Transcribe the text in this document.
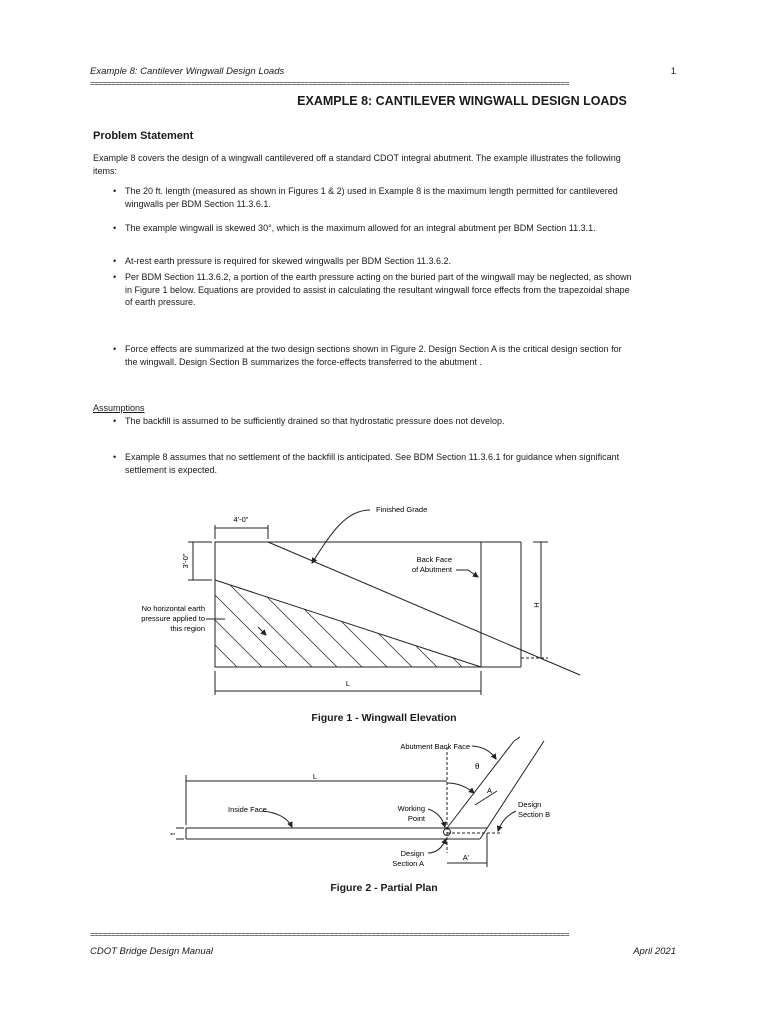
Example 8: Cantilever Wingwall Design Loads	1
==================================================================================================================
EXAMPLE 8: CANTILEVER WINGWALL DESIGN LOADS
Problem Statement
Example 8 covers the design of a wingwall cantilevered off a standard CDOT integral abutment. The example illustrates the following items:
• The 20 ft. length (measured as shown in Figures 1 & 2) used in Example 8 is the maximum length permitted for cantilevered wingwalls per BDM Section 11.3.6.1.
• The example wingwall is skewed 30°, which is the maximum allowed for an integral abutment per BDM Section 11.3.1.
• At-rest earth pressure is required for skewed wingwalls per BDM Section 11.3.6.2.
• Per BDM Section 11.3.6.2, a portion of the earth pressure acting on the buried part of the wingwall may be neglected, as shown in Figure 1 below. Equations are provided to assist in calculating the resultant wingwall force effects from the trapezoidal shape of earth pressure.
• Force effects are summarized at the two design sections shown in Figure 2. Design Section A is the critical design section for the wingwall. Design Section B summarizes the force-effects transferred to the abutment .
Assumptions
• The backfill is assumed to be sufficiently drained so that hydrostatic pressure does not develop.
• Example 8 assumes that no settlement of the backfill is anticipated. See BDM Section 11.3.6.1 for guidance when significant settlement is expected.
4'-0"
3'-0"
Finished Grade
Back Face
of Abutment
No horizontal earth
pressure applied to
this region
H
L
Figure 1 - Wingwall Elevation
Abutment Back Face
θ
L
A
Inside Face	Working
Point
Design
Section B
Design
Section A
A'
t
Figure 2 - Partial Plan
==================================================================================================================
CDOT Bridge Design Manual	April 2021
